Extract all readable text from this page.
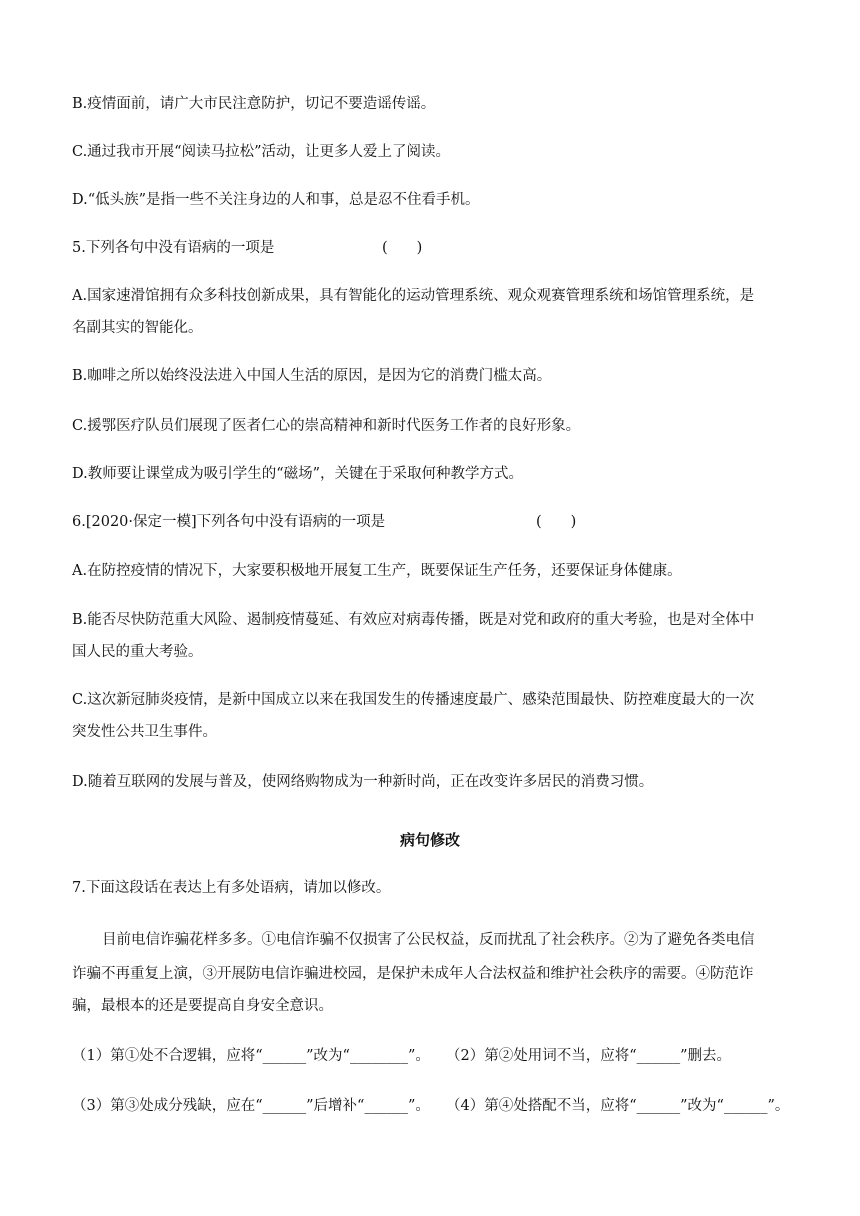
B.疫情面前，请广大市民注意防护，切记不要造谣传谣。
C.通过我市开展“阅读马拉松”活动，让更多人爱上了阅读。
D.“低头族”是指一些不关注身边的人和事，总是忍不住看手机。
5.下列各句中没有语病的一项是	(　　)
A.国家速滑馆拥有众多科技创新成果，具有智能化的运动管理系统、观众观赛管理系统和场馆管理系统，是
名副其实的智能化。
B.咖啡之所以始终没法进入中国人生活的原因，是因为它的消费门槛太高。
C.援鄂医疗队员们展现了医者仁心的崇高精神和新时代医务工作者的良好形象。
D.教师要让课堂成为吸引学生的“磁场”，关键在于采取何种教学方式。
6.[2020·保定一模]下列各句中没有语病的一项是	(　　)
A.在防控疫情的情况下，大家要积极地开展复工生产，既要保证生产任务，还要保证身体健康。
B.能否尽快防范重大风险、遏制疫情蔓延、有效应对病毒传播，既是对党和政府的重大考验，也是对全体中
国人民的重大考验。
C.这次新冠肺炎疫情，是新中国成立以来在我国发生的传播速度最广、感染范围最快、防控难度最大的一次
突发性公共卫生事件。
D.随着互联网的发展与普及，使网络购物成为一种新时尚，正在改变许多居民的消费习惯。
病句修改
7.下面这段话在表达上有多处语病，请加以修改。
目前电信诈骗花样多多。①电信诈骗不仅损害了公民权益，反而扰乱了社会秩序。②为了避免各类电信
诈骗不再重复上演，③开展防电信诈骗进校园，是保护未成年人合法权益和维护社会秩序的需要。④防范诈
骗，最根本的还是要提高自身安全意识。
（1）第①处不合逻辑，应将“______”改为“________”。 （2）第②处用词不当，应将“______”删去。
（3）第③处成分残缺，应在“______”后增补“______”。 （4）第④处搭配不当，应将“______”改为“______”。
